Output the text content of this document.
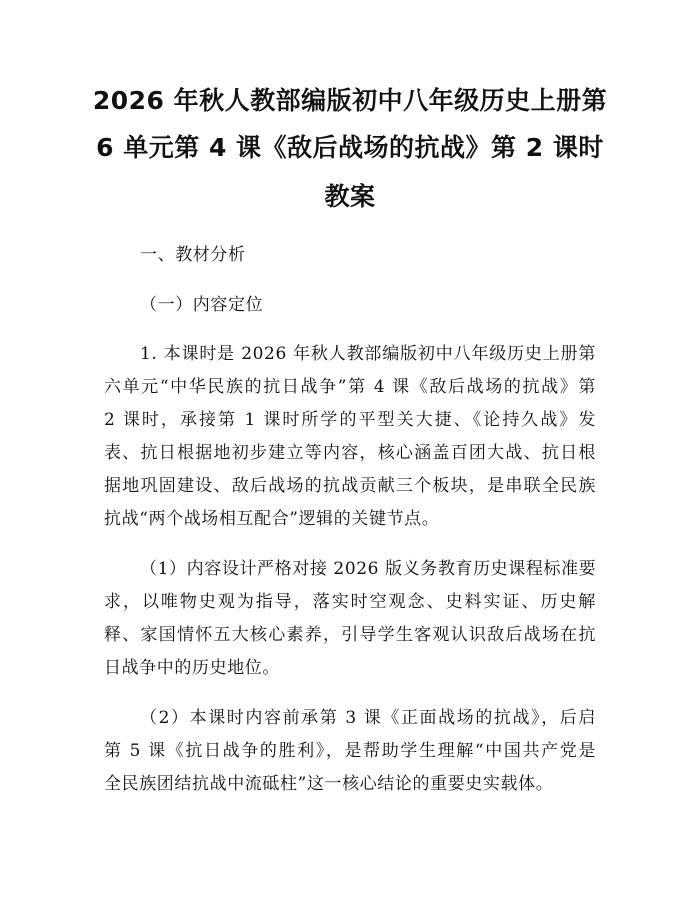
2026 年秋人教部编版初中八年级历史上册第
6 单元第 4 课《敌后战场的抗战》第 2 课时
教案
一、教材分析
（一）内容定位
1. 本课时是 2026 年秋人教部编版初中八年级历史上册第
六单元“中华民族的抗日战争”第 4 课《敌后战场的抗战》第
2 课时，承接第 1 课时所学的平型关大捷、《论持久战》发
表、抗日根据地初步建立等内容，核心涵盖百团大战、抗日根
据地巩固建设、敌后战场的抗战贡献三个板块，是串联全民族
抗战“两个战场相互配合”逻辑的关键节点。
（1）内容设计严格对接 2026 版义务教育历史课程标准要
求，以唯物史观为指导，落实时空观念、史料实证、历史解
释、家国情怀五大核心素养，引导学生客观认识敌后战场在抗
日战争中的历史地位。
（2）本课时内容前承第 3 课《正面战场的抗战》，后启
第 5 课《抗日战争的胜利》，是帮助学生理解“中国共产党是
全民族团结抗战中流砥柱”这一核心结论的重要史实载体。
